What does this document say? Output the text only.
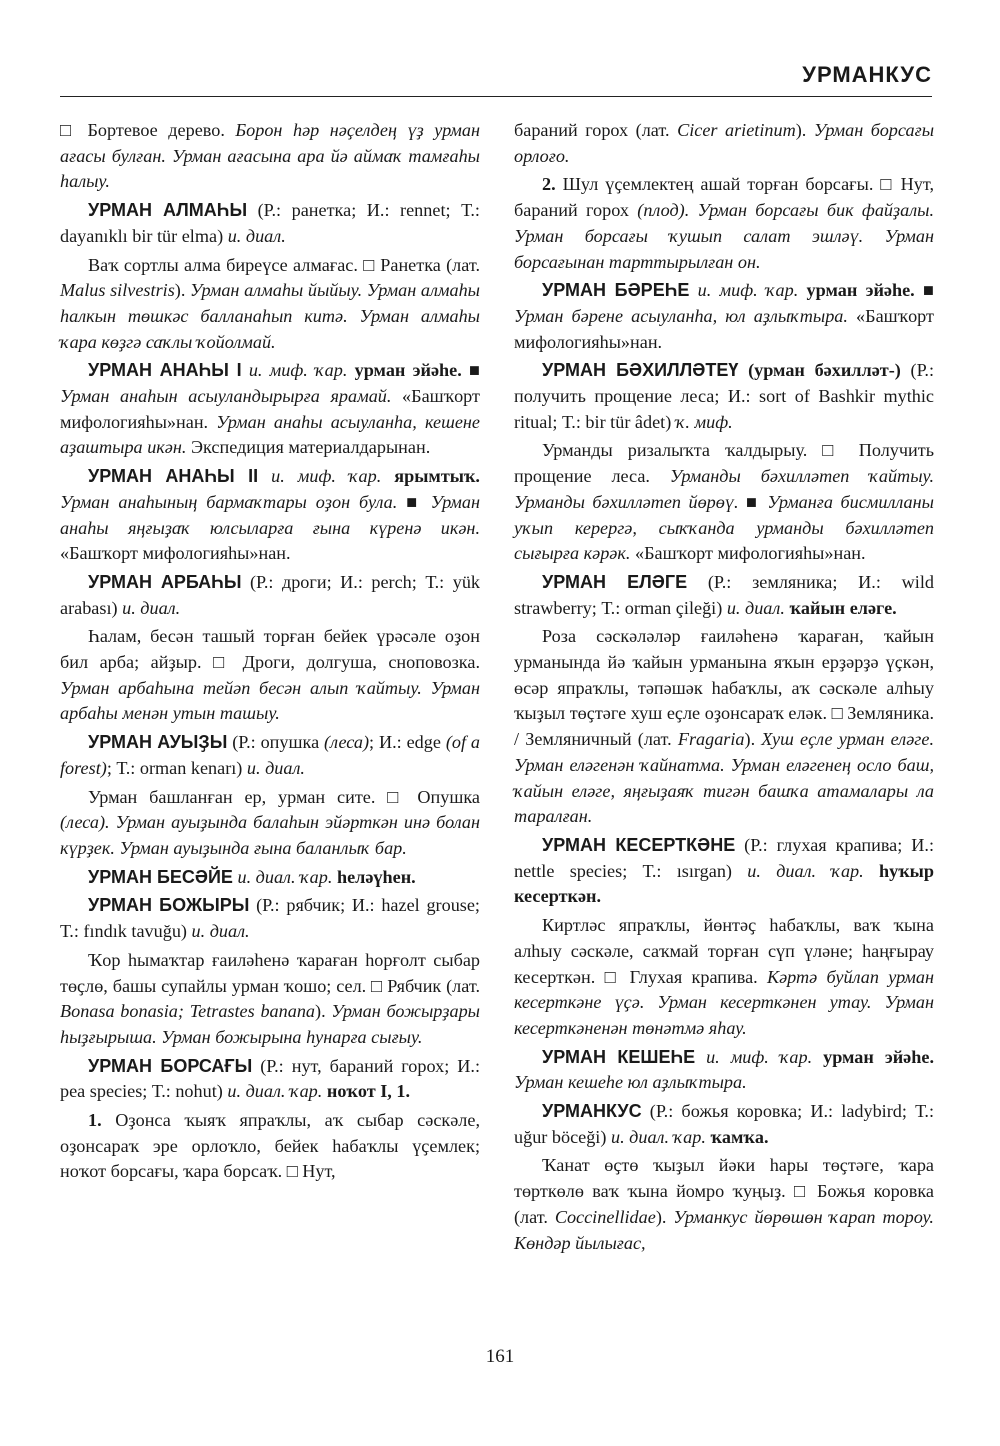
УРМАНКУС

□ Бортевое дерево. Борон һәр нәҫелдең үҙ урман ағасы булған. Урман ағасына ара йә аймаҡ тамғаһы һалыу.

УРМАН АЛМАҺЫ (Р.: ранетка; И.: rennet; Т.: dayanıklı bir tür elma) и. диал.

Ваҡ сортлы алма биреүсе алмағас. □ Ранетка (лат. Malus silvestris). Урман алмаһы йыйыу. Урман алмаһы һалкын төшкәс балланаһып китә. Урман алмаһы ҡара көҙгә саҡлы ҡойолмай.

УРМАН АНАҺЫ I и. миф. ҡар. урман эйәһе. ■ Урман анаһын асыуландырырға ярамай. «Башҡорт мифологияһы»нан. Урман анаһы асыуланһа, кешене аҙаштыра икән. Экспедиция материалдарынан.

УРМАН АНАҺЫ II и. миф. ҡар. ярымтыҡ. Урман анаһының бармаҡтары оҙон була. ■ Урман анаһы яңғыҙаҡ юлсыларға ғына күренә икән. «Башҡорт мифологияһы»нан.

УРМАН АРБАҺЫ (Р.: дроги; И.: perch; Т.: yük arabası) и. диал.

Һалам, бесән ташый торған бейек үрәсәле оҙон бил арба; айҙыр. □ Дроги, долгуша, сноповозка. Урман арбаһына тейәп бесән алып ҡайтыу. Урман арбаһы менән утын ташыу.

УРМАН АУЫҘЫ (Р.: опушка (леса); И.: edge (of a forest); Т.: orman kenarı) и. диал.

Урман башланған ер, урман сите. □ Опушка (леса). Урман ауыҙында балаһын эйәрткән инә болан күрҙек. Урман ауыҙында ғына баланлыҡ бар.

УРМАН БЕСӘЙЕ и. диал. ҡар. һеләүһен.

УРМАН БОЖЫРЫ (Р.: рябчик; И.: hazel grouse; Т.: fındık tavuğu) и. диал.

Ҡор һымаҡтар ғаиләһенә ҡараған һорғолт сыбар төҫлө, башы супайлы урман ҡошо; сел. □ Рябчик (лат. Bonasa bonasia; Tetrastes banana). Урман божырҙары һыҙғырыша. Урман божырына һунарға сығыу.

УРМАН БОРСАҒЫ (Р.: нут, бараний горох; И.: pea species; Т.: nohut) и. диал. ҡар. ноҡот I, 1.

1. Оҙонса ҡыяҡ япраҡлы, аҡ сыбар сәскәле, оҙонсараҡ эре орлоҡло, бейек һабаҡлы үҫемлек; ноҡот борсағы, ҡара борсаҡ. □ Нут,

бараний горох (лат. Cicer arietinum). Урман борсағы орлоғо.

2. Шул үҫемлектең ашай торған борсағы. □ Нут, бараний горох (плод). Урман борсағы бик файҙалы. Урман борсағы ҡушып салат эшләү. Урман борсағынан тарттырылған он.

УРМАН БӘРЕҺЕ и. миф. ҡар. урман эйәһе. ■ Урман бәрене асыуланһа, юл аҙлыҡтыра. «Башҡорт мифологияһы»нан.

УРМАН БӘХИЛЛӘТЕҮ (урман бәхилләт-) (Р.: получить прощение леса; И.: sort of Bashkir mythic ritual; Т.: bir tür âdet) ҡ. миф.

Урманды ризалыҡта ҡалдырыу. □ Получить прощение леса. Урманды бәхилләтеп ҡайтыу. Урманды бәхилләтеп йөрөү. ■ Урманға бисмилланы уҡып керергә, сыҡҡанда урманды бәхилләтеп сығырға кәрәк. «Башҡорт мифологияһы»нан.

УРМАН ЕЛӘГЕ (Р.: земляника; И.: wild strawberry; Т.: orman çileği) и. диал. ҡайын еләге.

Роза сәскәләләр ғаиләһенә ҡараған, ҡайын урманында йә ҡайын урманына яҡын ерҙәрҙә үҫкән, өсәр япраҡлы, тәпәшәк һабаҡлы, аҡ сәскәле алһыу ҡыҙыл төҫтәге хуш еҫле оҙонсараҡ еләк. □ Земляника. / Земляничный (лат. Fragaria). Хуш еҫле урман еләге. Урман еләгенән ҡайнатма. Урман еләгенең осло баш, ҡайын еләге, яңғыҙаяҡ тигән башҡа атамалары ла таралған.

УРМАН КЕСЕРТКӘНЕ (Р.: глухая крапива; И.: nettle species; Т.: ısırgan) и. диал. ҡар. һуҡыр кесерткән.

Киртләс япраҡлы, йөнтәҫ һабаҡлы, ваҡ ҡына алһыу сәскәле, саҡмай торған сүп үләне; һаңғырау кесерткән. □ Глухая крапива. Кәртә буйлап урман кесерткәне үҫә. Урман кесерткәнен утау. Урман кесерткәненән төнәтмә яһау.

УРМАН КЕШЕҺЕ и. миф. ҡар. урман эйәһе. Урман кешеһе юл аҙлыҡтыра.

УРМАНКУС (Р.: божья коровка; И.: ladybird; Т.: uğur böceği) и. диал. ҡар. ҡамҡа.

Ҡанат өҫтө ҡыҙыл йәки һары төҫтәге, ҡара төрткөлө ваҡ ҡына йомро ҡуңыҙ. □ Божья коровка (лат. Coccinellidae). Урманкус йөрөшөн ҡарап тороу. Көндәр йылығас,

161
